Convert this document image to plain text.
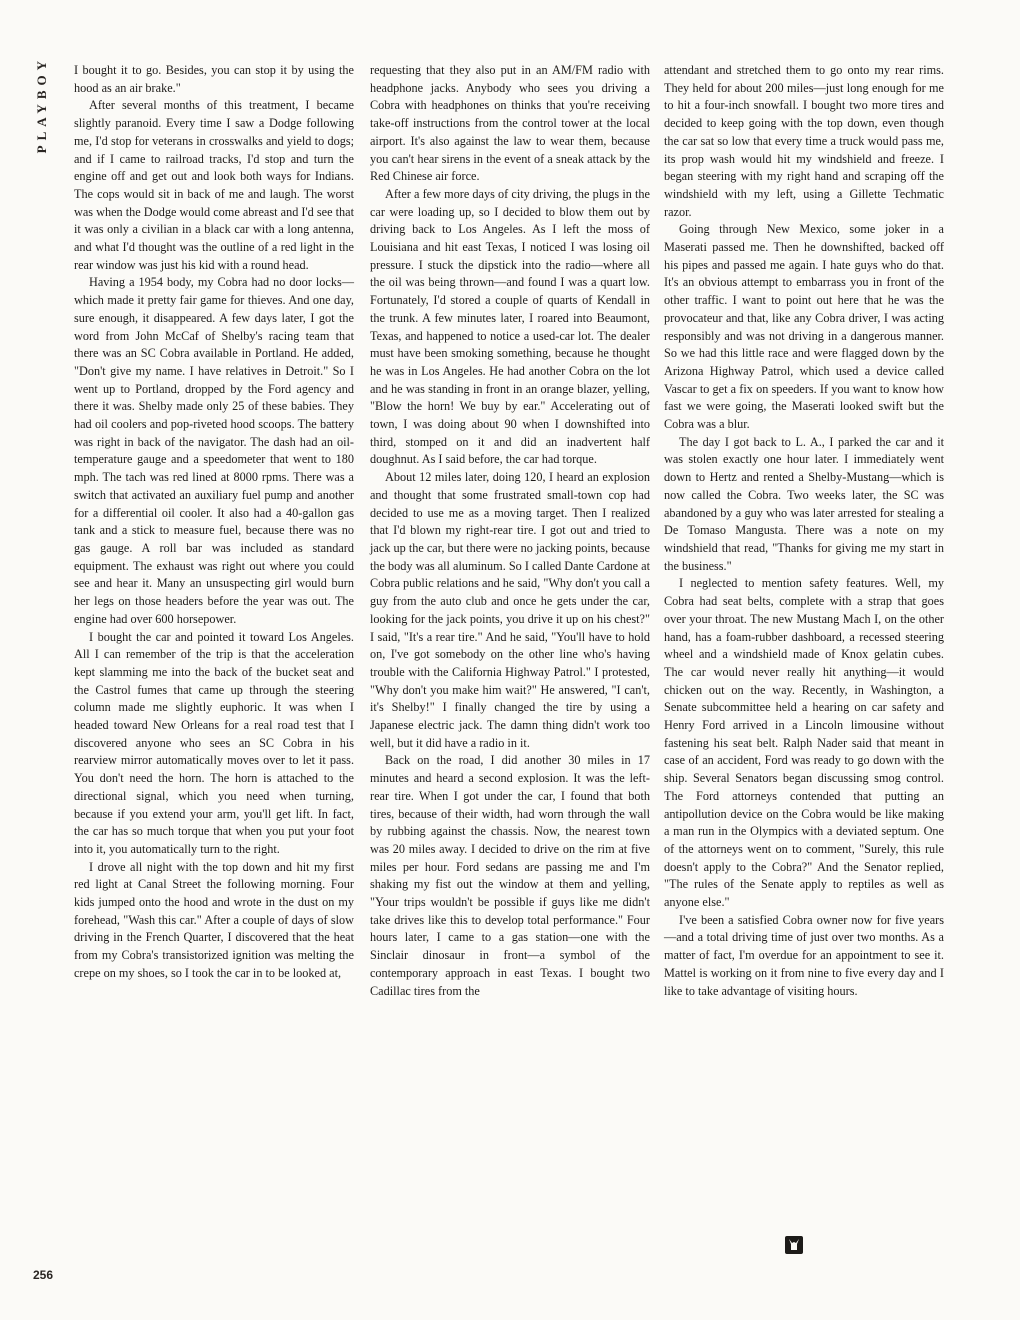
PLAYBOY I bought it to go. Besides, you can stop it by using the hood as an air brake."

After several months of this treatment, I became slightly paranoid. Every time I saw a Dodge following me, I'd stop for veterans in crosswalks and yield to dogs; and if I came to railroad tracks, I'd stop and turn the engine off and get out and look both ways for Indians. The cops would sit in back of me and laugh. The worst was when the Dodge would come abreast and I'd see that it was only a civilian in a black car with a long antenna, and what I'd thought was the outline of a red light in the rear window was just his kid with a round head.

Having a 1954 body, my Cobra had no door locks—which made it pretty fair game for thieves. And one day, sure enough, it disappeared. A few days later, I got the word from John McCaf of Shelby's racing team that there was an SC Cobra available in Portland. He added, "Don't give my name. I have relatives in Detroit." So I went up to Portland, dropped by the Ford agency and there it was. Shelby made only 25 of these babies. They had oil coolers and pop-riveted hood scoops. The battery was right in back of the navigator. The dash had an oil-temperature gauge and a speedometer that went to 180 mph. The tach was red lined at 8000 rpms. There was a switch that activated an auxiliary fuel pump and another for a differential oil cooler. It also had a 40-gallon gas tank and a stick to measure fuel, because there was no gas gauge. A roll bar was included as standard equipment. The exhaust was right out where you could see and hear it. Many an unsuspecting girl would burn her legs on those headers before the year was out. The engine had over 600 horsepower.

I bought the car and pointed it toward Los Angeles. All I can remember of the trip is that the acceleration kept slamming me into the back of the bucket seat and the Castrol fumes that came up through the steering column made me slightly euphoric. It was when I headed toward New Orleans for a real road test that I discovered anyone who sees an SC Cobra in his rearview mirror automatically moves over to let it pass. You don't need the horn. The horn is attached to the directional signal, which you need when turning, because if you extend your arm, you'll get lift. In fact, the car has so much torque that when you put your foot into it, you automatically turn to the right.

I drove all night with the top down and hit my first red light at Canal Street the following morning. Four kids jumped onto the hood and wrote in the dust on my forehead, "Wash this car." After a couple of days of slow driving in the French Quarter, I discovered that the heat from my Cobra's transistorized ignition was melting the crepe on my shoes, so I took the car in to be looked at,

requesting that they also put in an AM/FM radio with headphone jacks. Anybody who sees you driving a Cobra with headphones on thinks that you're receiving take-off instructions from the control tower at the local airport. It's also against the law to wear them, because you can't hear sirens in the event of a sneak attack by the Red Chinese air force.

After a few more days of city driving, the plugs in the car were loading up, so I decided to blow them out by driving back to Los Angeles. As I left the moss of Louisiana and hit east Texas, I noticed I was losing oil pressure. I stuck the dipstick into the radio—where all the oil was being thrown—and found I was a quart low. Fortunately, I'd stored a couple of quarts of Kendall in the trunk. A few minutes later, I roared into Beaumont, Texas, and happened to notice a used-car lot. The dealer must have been smoking something, because he thought he was in Los Angeles. He had another Cobra on the lot and he was standing in front in an orange blazer, yelling, "Blow the horn! We buy by ear." Accelerating out of town, I was doing about 90 when I downshifted into third, stomped on it and did an inadvertent half doughnut. As I said before, the car had torque.

About 12 miles later, doing 120, I heard an explosion and thought that some frustrated small-town cop had decided to use me as a moving target. Then I realized that I'd blown my right-rear tire. I got out and tried to jack up the car, but there were no jacking points, because the body was all aluminum. So I called Dante Cardone at Cobra public relations and he said, "Why don't you call a guy from the auto club and once he gets under the car, looking for the jack points, you drive it up on his chest?" I said, "It's a rear tire." And he said, "You'll have to hold on, I've got somebody on the other line who's having trouble with the California Highway Patrol." I protested, "Why don't you make him wait?" He answered, "I can't, it's Shelby!" I finally changed the tire by using a Japanese electric jack. The damn thing didn't work too well, but it did have a radio in it.

Back on the road, I did another 30 miles in 17 minutes and heard a second explosion. It was the left-rear tire. When I got under the car, I found that both tires, because of their width, had worn through the wall by rubbing against the chassis. Now, the nearest town was 20 miles away. I decided to drive on the rim at five miles per hour. Ford sedans are passing me and I'm shaking my fist out the window at them and yelling, "Your trips wouldn't be possible if guys like me didn't take drives like this to develop total performance." Four hours later, I came to a gas station—one with the Sinclair dinosaur in front—a symbol of the contemporary approach in east Texas. I bought two Cadillac tires from the

attendant and stretched them to go onto my rear rims. They held for about 200 miles—just long enough for me to hit a four-inch snowfall. I bought two more tires and decided to keep going with the top down, even though the car sat so low that every time a truck would pass me, its prop wash would hit my windshield and freeze. I began steering with my right hand and scraping off the windshield with my left, using a Gillette Techmatic razor.

Going through New Mexico, some joker in a Maserati passed me. Then he downshifted, backed off his pipes and passed me again. I hate guys who do that. It's an obvious attempt to embarrass you in front of the other traffic. I want to point out here that he was the provocateur and that, like any Cobra driver, I was acting responsibly and was not driving in a dangerous manner. So we had this little race and were flagged down by the Arizona Highway Patrol, which used a device called Vascar to get a fix on speeders. If you want to know how fast we were going, the Maserati looked swift but the Cobra was a blur.

The day I got back to L. A., I parked the car and it was stolen exactly one hour later. I immediately went down to Hertz and rented a Shelby-Mustang—which is now called the Cobra. Two weeks later, the SC was abandoned by a guy who was later arrested for stealing a De Tomaso Mangusta. There was a note on my windshield that read, "Thanks for giving me my start in the business."

I neglected to mention safety features. Well, my Cobra had seat belts, complete with a strap that goes over your throat. The new Mustang Mach I, on the other hand, has a foam-rubber dashboard, a recessed steering wheel and a windshield made of Knox gelatin cubes. The car would never really hit anything—it would chicken out on the way. Recently, in Washington, a Senate subcommittee held a hearing on car safety and Henry Ford arrived in a Lincoln limousine without fastening his seat belt. Ralph Nader said that meant in case of an accident, Ford was ready to go down with the ship. Several Senators began discussing smog control. The Ford attorneys contended that putting an antipollution device on the Cobra would be like making a man run in the Olympics with a deviated septum. One of the attorneys went on to comment, "Surely, this rule doesn't apply to the Cobra?" And the Senator replied, "The rules of the Senate apply to reptiles as well as anyone else."

I've been a satisfied Cobra owner now for five years—and a total driving time of just over two months. As a matter of fact, I'm overdue for an appointment to see it. Mattel is working on it from nine to five every day and I like to take advantage of visiting hours.

256
